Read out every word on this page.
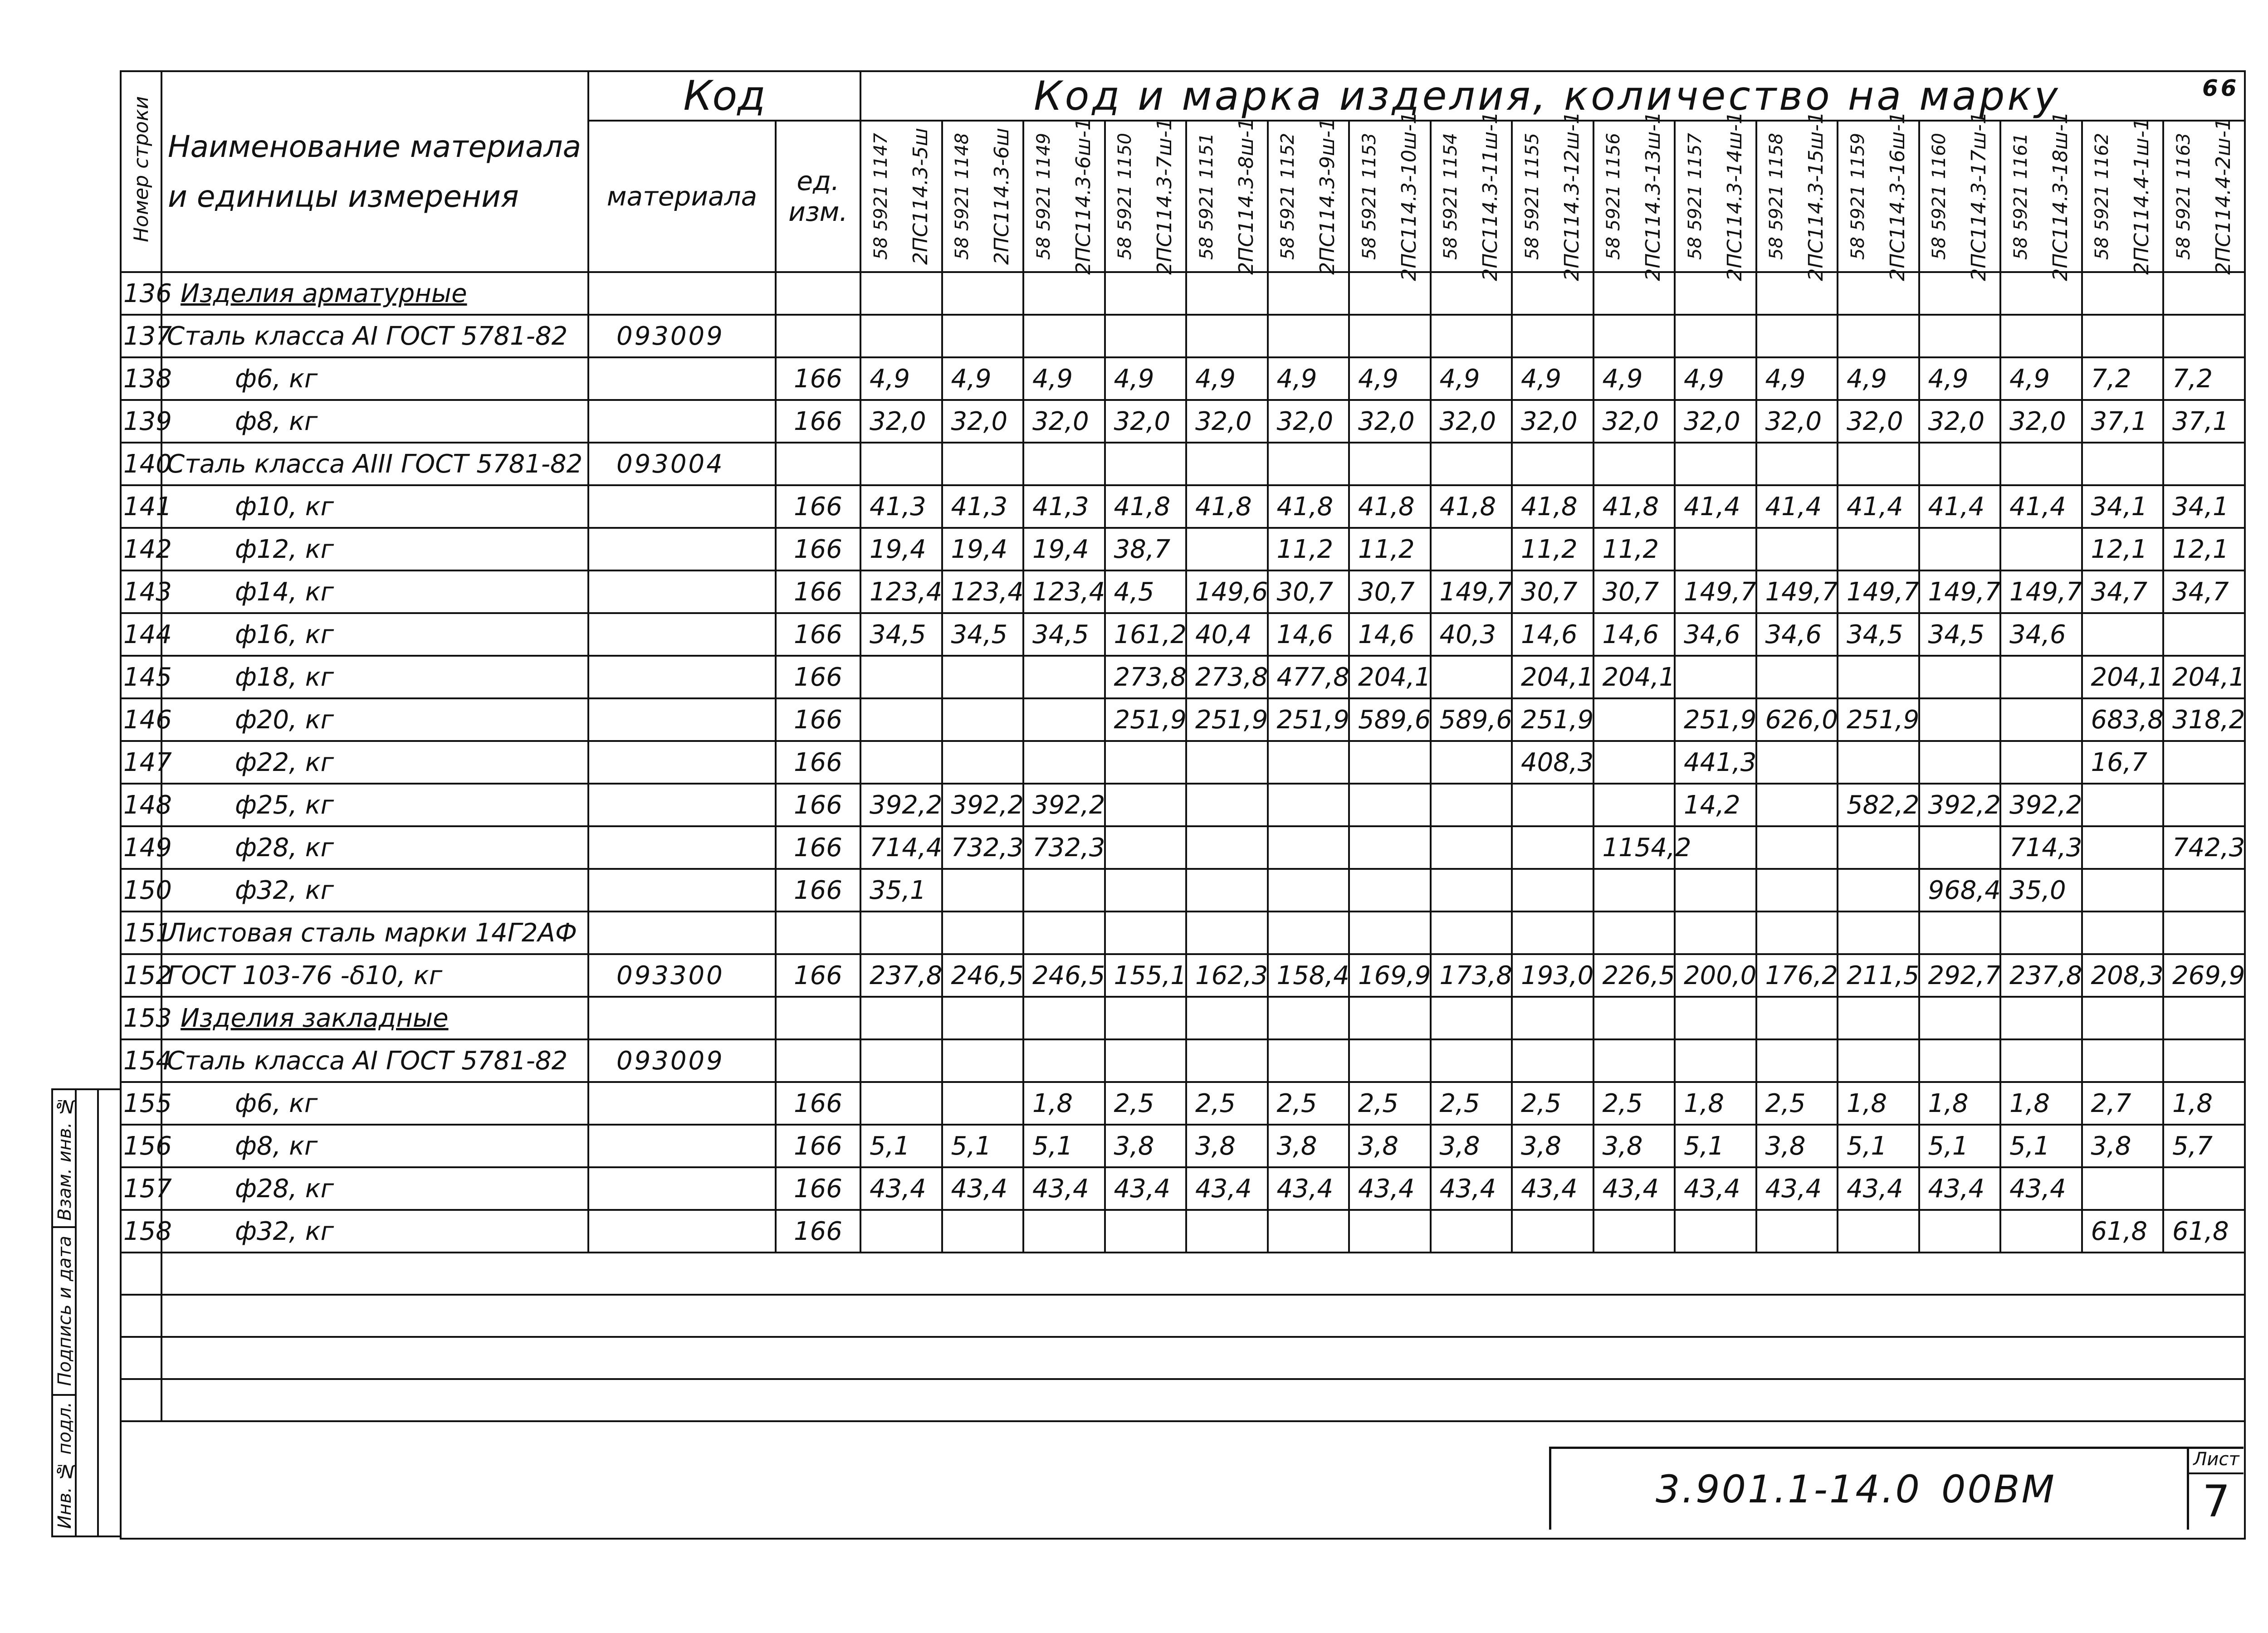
Номер строки	Наименование материала и единицы измерения	Код		Код и марка изделия, количество на марку 66																

		материала	ед. изм.	58 5921 1147 2ПС114.3-5ш	58 5921 1148 2ПС114.3-6ш	58 5921 1149 2ПС114.3-6ш-1	58 5921 1150 2ПС114.3-7ш-1	58 5921 1151 2ПС114.3-8ш-1	58 5921 1152 2ПС114.3-9ш-1	58 5921 1153 2ПС114.3-10ш-1	58 5921 1154 2ПС114.3-11ш-1	58 5921 1155 2ПС114.3-12ш-1	58 5921 1156 2ПС114.3-13ш-1	58 5921 1157 2ПС114.3-14ш-1	58 5921 1158 2ПС114.3-15ш-1	58 5921 1159 2ПС114.3-16ш-1	58 5921 1160 2ПС114.3-17ш-1	58 5921 1161 2ПС114.3-18ш-1	58 5921 1162 2ПС114.4-1ш-1	58 5921 1163 2ПС114.4-2ш-1

136	Изделия арматурные																			
137	Сталь класса AI ГОСТ 5781-82	093009																		
138	ф6, кг		166	4,9	4,9	4,9	4,9	4,9	4,9	4,9	4,9	4,9	4,9	4,9	4,9	4,9	4,9	4,9	7,2	7,2
139	ф8, кг		166	32,0	32,0	32,0	32,0	32,0	32,0	32,0	32,0	32,0	32,0	32,0	32,0	32,0	32,0	32,0	37,1	37,1
140	Сталь класса AIII ГОСТ 5781-82	093004																		
141	ф10, кг		166	41,3	41,3	41,3	41,8	41,8	41,8	41,8	41,8	41,8	41,8	41,4	41,4	41,4	41,4	41,4	34,1	34,1
142	ф12, кг		166	19,4	19,4	19,4	38,7		11,2	11,2		11,2	11,2						12,1	12,1
143	ф14, кг		166	123,4	123,4	123,4	4,5	149,6	30,7	30,7	149,7	30,7	30,7	149,7	149,7	149,7	149,7	149,7	34,7	34,7
144	ф16, кг		166	34,5	34,5	34,5	161,2	40,4	14,6	14,6	40,3	14,6	14,6	34,6	34,6	34,5	34,5	34,6		
145	ф18, кг		166				273,8	273,8	477,8	204,1		204,1	204,1						204,1	204,1
146	ф20, кг		166				251,9	251,9	251,9	589,6	589,6	251,9		251,9	626,0	251,9			683,8	318,2
147	ф22, кг		166									408,3		441,3					16,7	
148	ф25, кг		166	392,2	392,2	392,2								14,2		582,2	392,2	392,2		
149	ф28, кг		166	714,4	732,3	732,3							1154,2					714,3		742,3
150	ф32, кг		166	35,1													968,4	35,0		
151	Листовая сталь марки 14Г2АФ																			
152	ГОСТ 103-76 -δ10, кг	093300	166	237,8	246,5	246,5	155,1	162,3	158,4	169,9	173,8	193,0	226,5	200,0	176,2	211,5	292,7	237,8	208,3	269,9
153	Изделия закладные																			
154	Сталь класса AI ГОСТ 5781-82	093009																		
155	ф6, кг		166			1,8	2,5	2,5	2,5	2,5	2,5	2,5	2,5	1,8	2,5	1,8	1,8	1,8	2,7	1,8
156	ф8, кг		166	5,1	5,1	5,1	3,8	3,8	3,8	3,8	3,8	3,8	3,8	5,1	3,8	5,1	5,1	5,1	3,8	5,7
157	ф28, кг		166	43,4	43,4	43,4	43,4	43,4	43,4	43,4	43,4	43,4	43,4	43,4	43,4	43,4	43,4	43,4		
158	ф32, кг		166																61,8	61,8

Взам. инв. №
Подпись и дата
Инв. № подл.	3.901.1-14.0 00ВМ
Лист
7
